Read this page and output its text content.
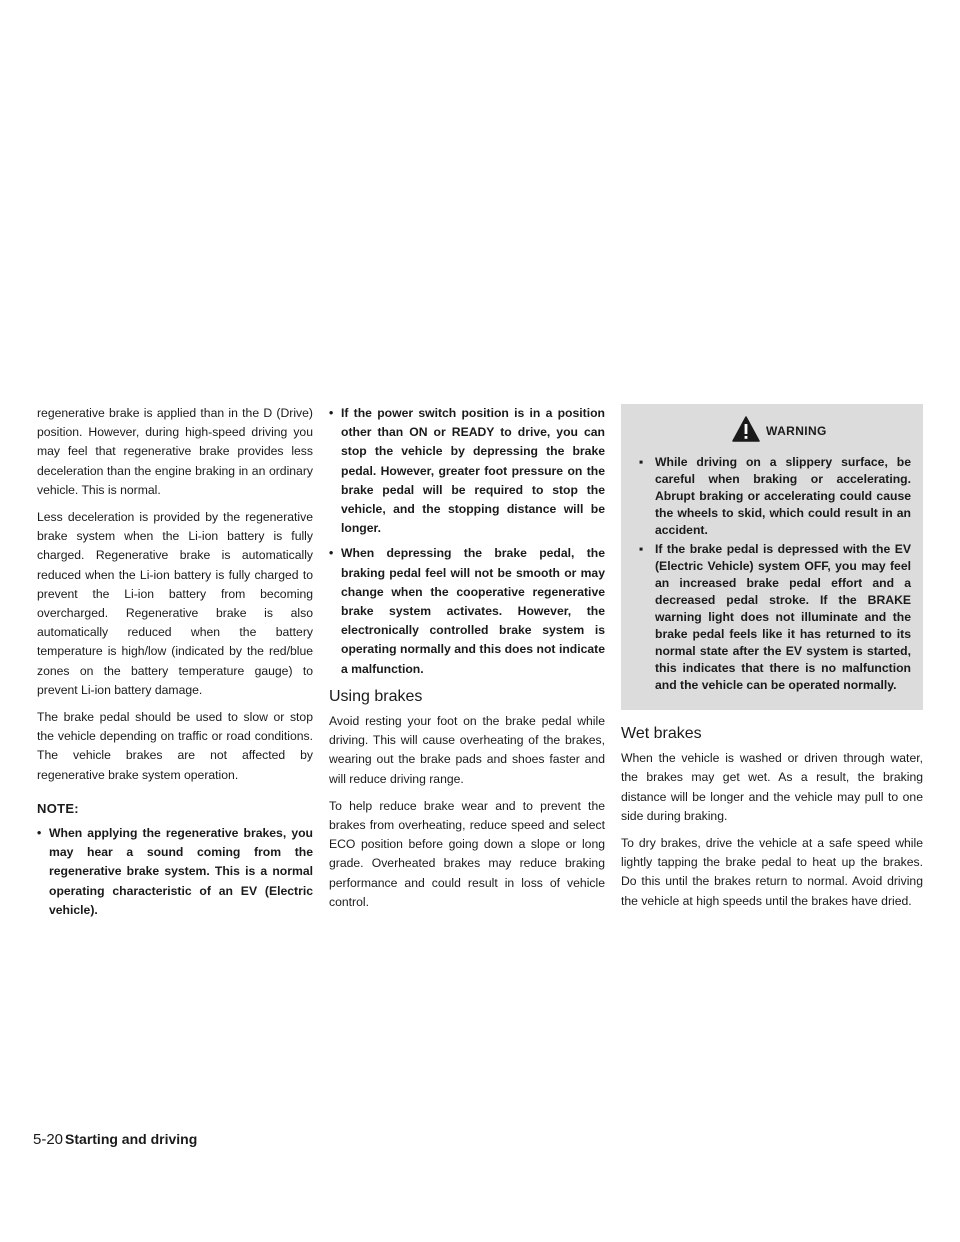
regenerative brake is applied than in the D (Drive) position. However, during high-speed driving you may feel that regenerative brake provides less deceleration than the engine braking in an ordinary vehicle. This is normal.

Less deceleration is provided by the regenerative brake system when the Li-ion battery is fully charged. Regenerative brake is automatically reduced when the Li-ion battery is fully charged to prevent the Li-ion battery from becoming overcharged. Regenerative brake is also automatically reduced when the battery temperature is high/low (indicated by the red/blue zones on the battery temperature gauge) to prevent Li-ion battery damage.

The brake pedal should be used to slow or stop the vehicle depending on traffic or road conditions. The vehicle brakes are not affected by regenerative brake system operation.

NOTE:
• When applying the regenerative brakes, you may hear a sound coming from the regenerative brake system. This is a normal operating characteristic of an EV (Electric vehicle).
• If the power switch position is in a position other than ON or READY to drive, you can stop the vehicle by depressing the brake pedal. However, greater foot pressure on the brake pedal will be required to stop the vehicle, and the stopping distance will be longer.
• When depressing the brake pedal, the braking pedal feel will not be smooth or may change when the cooperative regenerative brake system activates. However, the electronically controlled brake system is operating normally and this does not indicate a malfunction.
Using brakes

Avoid resting your foot on the brake pedal while driving. This will cause overheating of the brakes, wearing out the brake pads and shoes faster and will reduce driving range.

To help reduce brake wear and to prevent the brakes from overheating, reduce speed and select ECO position before going down a slope or long grade. Overheated brakes may reduce braking performance and could result in loss of vehicle control.

WARNING
▪ While driving on a slippery surface, be careful when braking or accelerating. Abrupt braking or accelerating could cause the wheels to skid, which could result in an accident.
▪ If the brake pedal is depressed with the EV (Electric Vehicle) system OFF, you may feel an increased brake pedal effort and a decreased pedal stroke. If the BRAKE warning light does not illuminate and the brake pedal feels like it has returned to its normal state after the EV system is started, this indicates that there is no malfunction and the vehicle can be operated normally.
Wet brakes

When the vehicle is washed or driven through water, the brakes may get wet. As a result, the braking distance will be longer and the vehicle may pull to one side during braking.

To dry brakes, drive the vehicle at a safe speed while lightly tapping the brake pedal to heat up the brakes. Do this until the brakes return to normal. Avoid driving the vehicle at high speeds until the brakes have dried.

5-20 Starting and driving
